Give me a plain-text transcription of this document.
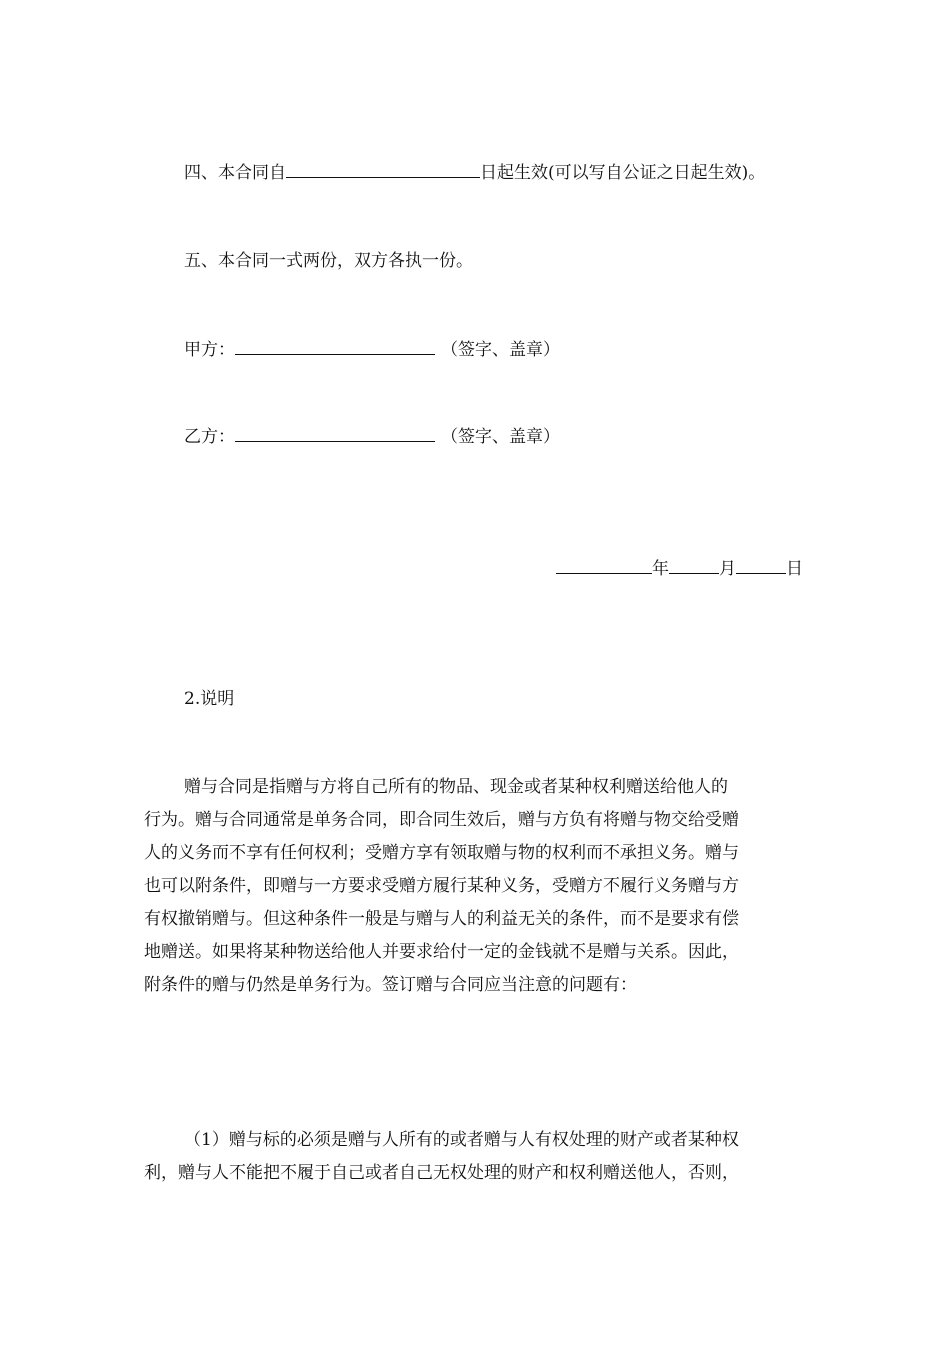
四、本合同自	日起生效(可以写自公证之日起生效)。
五、本合同一式两份，双方各执一份。
甲方：	（签字、盖章）
乙方：	（签字、盖章）
年	月	日
2.说明
赠与合同是指赠与方将自己所有的物品、现金或者某种权利赠送给他人的
行为。赠与合同通常是单务合同，即合同生效后，赠与方负有将赠与物交给受赠
人的义务而不享有任何权利；受赠方享有领取赠与物的权利而不承担义务。赠与
也可以附条件，即赠与一方要求受赠方履行某种义务，受赠方不履行义务赠与方
有权撤销赠与。但这种条件一般是与赠与人的利益无关的条件，而不是要求有偿
地赠送。如果将某种物送给他人并要求给付一定的金钱就不是赠与关系。因此，
附条件的赠与仍然是单务行为。签订赠与合同应当注意的问题有：
（1）赠与标的必须是赠与人所有的或者赠与人有权处理的财产或者某种权
利，赠与人不能把不履于自己或者自己无权处理的财产和权利赠送他人，否则，
